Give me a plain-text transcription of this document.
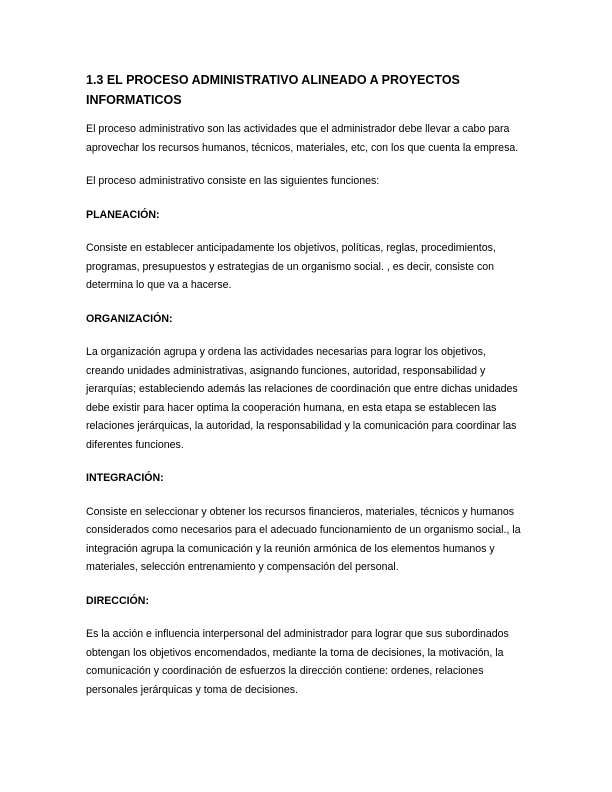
1.3 EL PROCESO ADMINISTRATIVO ALINEADO A PROYECTOS INFORMATICOS

El proceso administrativo son las actividades que el administrador debe llevar a cabo para aprovechar los recursos humanos, técnicos, materiales, etc, con los que cuenta la empresa.

El proceso administrativo consiste en las siguientes funciones:

PLANEACIÓN:

Consiste en establecer anticipadamente los objetivos, políticas, reglas, procedimientos, programas, presupuestos y estrategias de un organismo social. , es decir, consiste con determina lo que va a hacerse.

ORGANIZACIÓN:

La organización agrupa y ordena las actividades necesarias para lograr los objetivos, creando unidades administrativas, asignando funciones, autoridad, responsabilidad y jerarquías; estableciendo además las relaciones de coordinación que entre dichas unidades debe existir para hacer optima la cooperación humana, en esta etapa se establecen las relaciones jerárquicas, la autoridad, la responsabilidad y la comunicación para coordinar las diferentes funciones.

INTEGRACIÓN:

Consiste en seleccionar y obtener los recursos financieros, materiales, técnicos y humanos considerados como necesarios para el adecuado funcionamiento de un organismo social., la integración agrupa la comunicación y la reunión armónica de los elementos humanos y materiales, selección entrenamiento y compensación del personal.

DIRECCIÓN:

Es la acción e influencia interpersonal del administrador para lograr que sus subordinados obtengan los objetivos encomendados, mediante la toma de decisiones, la motivación, la comunicación y coordinación de esfuerzos la dirección contiene: ordenes, relaciones personales jerárquicas y toma de decisiones.
